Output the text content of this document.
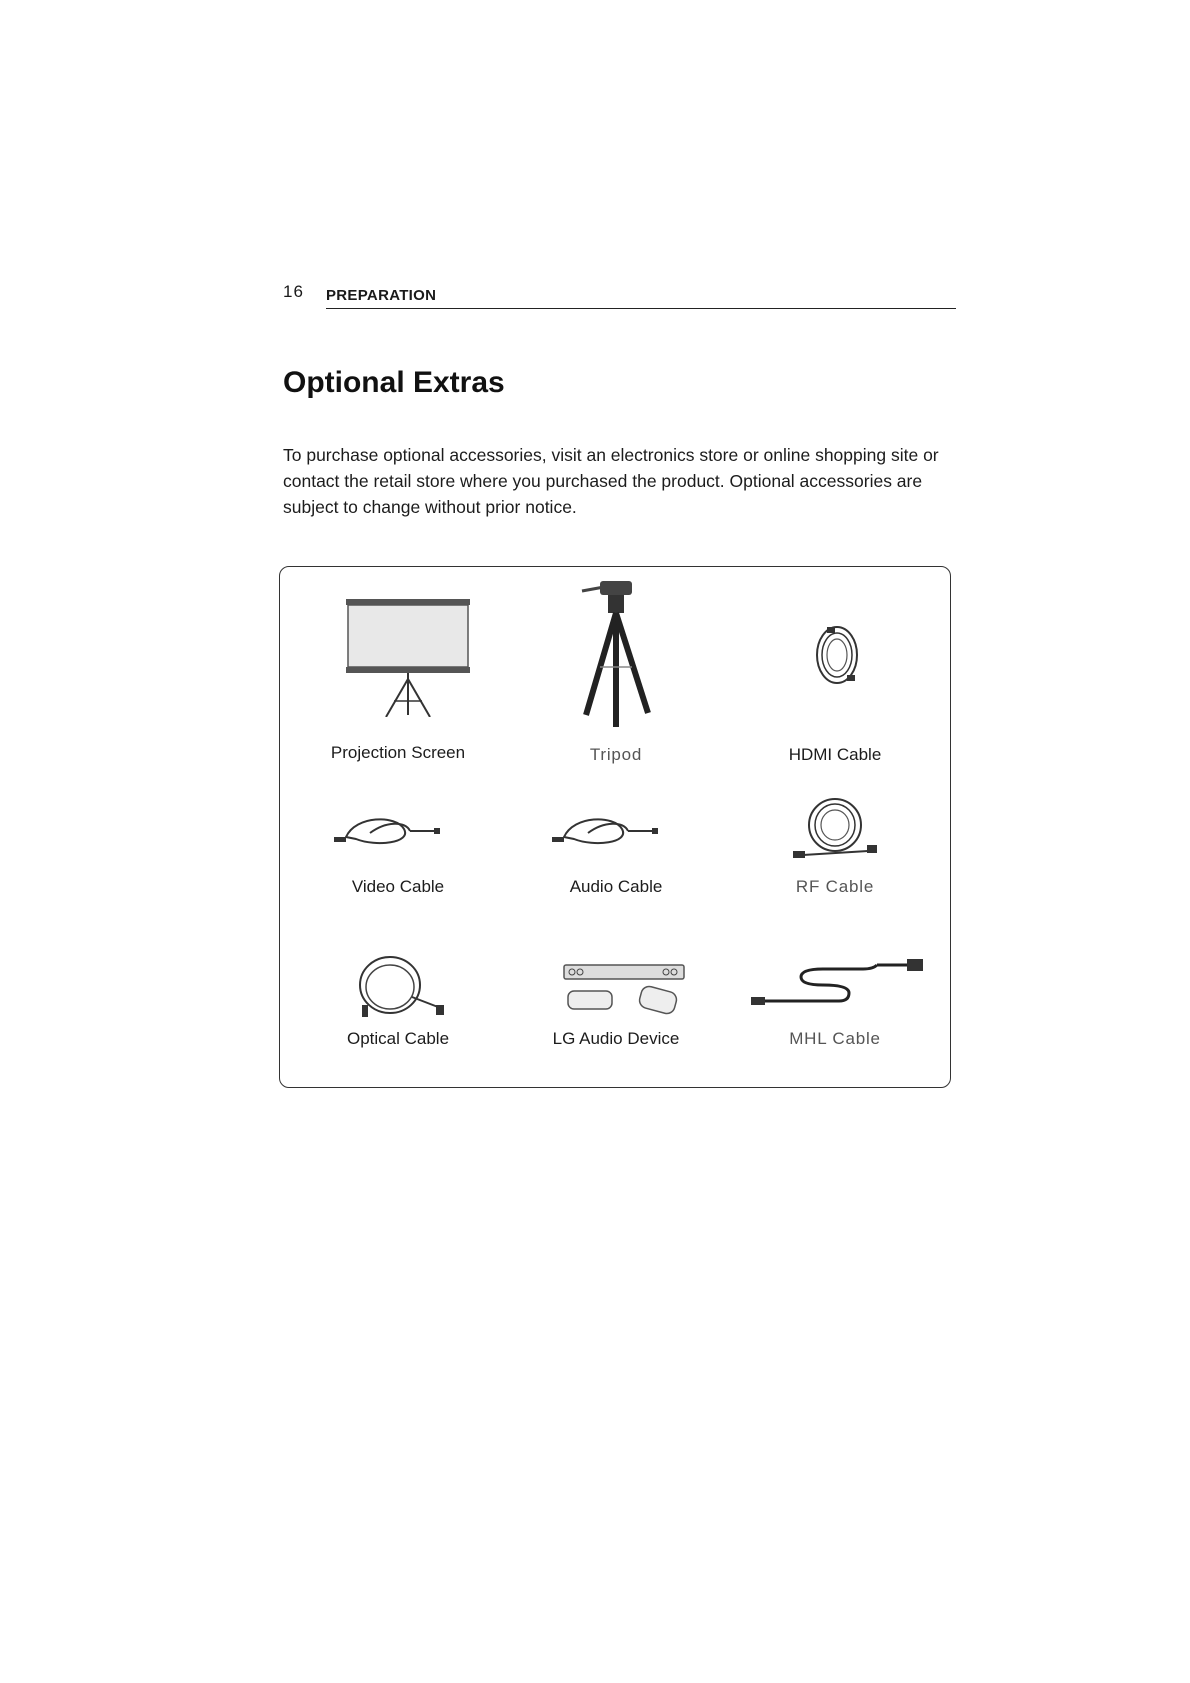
16 PREPARATION
Optional Extras

To purchase optional accessories, visit an electronics store or online shopping site or contact the retail store where you purchased the product. Optional accessories are subject to change without prior notice.

Projection Screen	Tripod	HDMI Cable
Video Cable	Audio Cable	RF Cable
Optical Cable	LG Audio Device	MHL Cable
